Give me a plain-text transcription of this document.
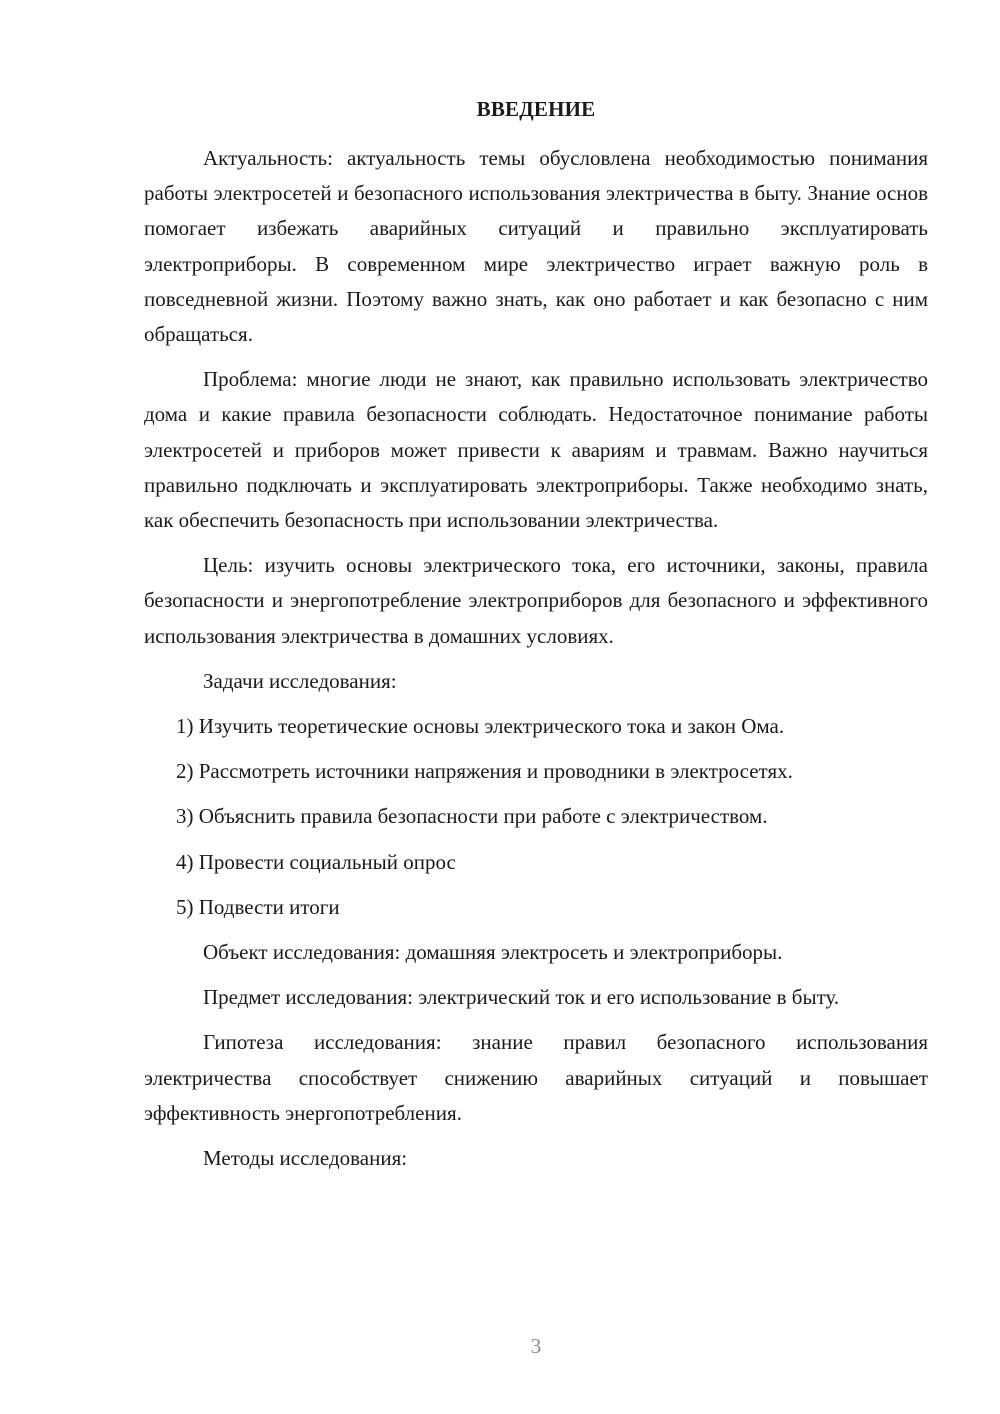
ВВЕДЕНИЕ

Актуальность: актуальность темы обусловлена необходимостью понимания работы электросетей и безопасного использования электричества в быту. Знание основ помогает избежать аварийных ситуаций и правильно эксплуатировать электроприборы. В современном мире электричество играет важную роль в повседневной жизни. Поэтому важно знать, как оно работает и как безопасно с ним обращаться.

Проблема: многие люди не знают, как правильно использовать электричество дома и какие правила безопасности соблюдать. Недостаточное понимание работы электросетей и приборов может привести к авариям и травмам. Важно научиться правильно подключать и эксплуатировать электроприборы. Также необходимо знать, как обеспечить безопасность при использовании электричества.

Цель: изучить основы электрического тока, его источники, законы, правила безопасности и энергопотребление электроприборов для безопасного и эффективного использования электричества в домашних условиях.

Задачи исследования:

1) Изучить теоретические основы электрического тока и закон Ома.

2) Рассмотреть источники напряжения и проводники в электросетях.

3) Объяснить правила безопасности при работе с электричеством.

4) Провести социальный опрос

5) Подвести итоги

Объект исследования: домашняя электросеть и электроприборы.

Предмет исследования: электрический ток и его использование в быту.

Гипотеза исследования: знание правил безопасного использования электричества способствует снижению аварийных ситуаций и повышает эффективность энергопотребления.

Методы исследования:

3
